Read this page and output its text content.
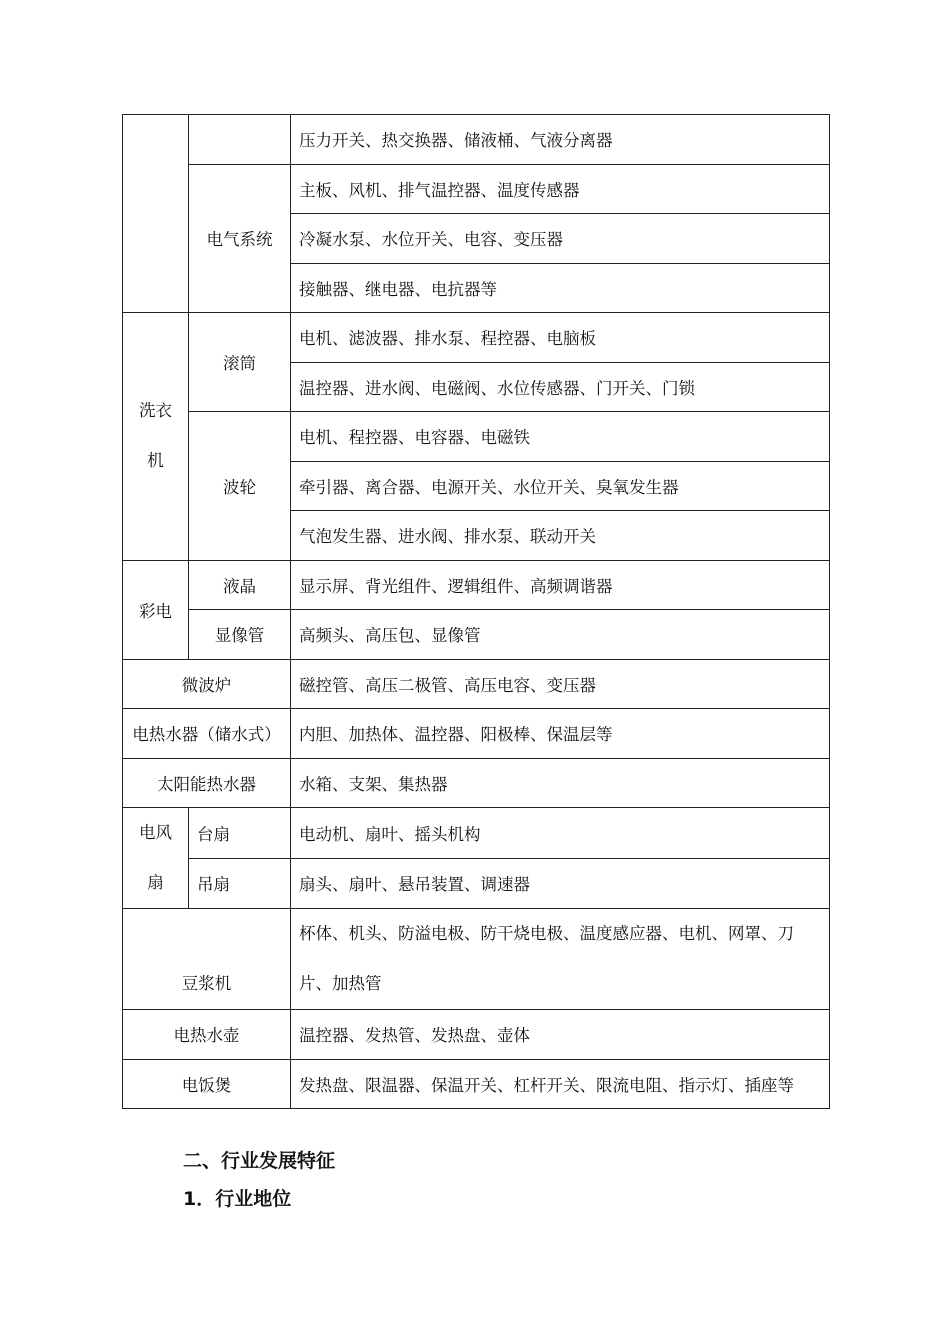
		压力开关、热交换器、储液桶、气液分离器
	电气系统	主板、风机、排气温控器、温度传感器
		冷凝水泵、水位开关、电容、变压器
		接触器、继电器、电抗器等
洗衣机	滚筒	电机、滤波器、排水泵、程控器、电脑板
		温控器、进水阀、电磁阀、水位传感器、门开关、门锁
	波轮	电机、程控器、电容器、电磁铁
		牵引器、离合器、电源开关、水位开关、臭氧发生器
		气泡发生器、进水阀、排水泵、联动开关
彩电	液晶	显示屏、背光组件、逻辑组件、高频调谐器
	显像管	高频头、高压包、显像管
微波炉		磁控管、高压二极管、高压电容、变压器
电热水器（储水式）		内胆、加热体、温控器、阳极棒、保温层等
太阳能热水器		水箱、支架、集热器
电风扇	台扇	电动机、扇叶、摇头机构
	吊扇	扇头、扇叶、悬吊装置、调速器
豆浆机		杯体、机头、防溢电极、防干烧电极、温度感应器、电机、网罩、刀片、加热管
电热水壶		温控器、发热管、发热盘、壶体
电饭煲		发热盘、限温器、保温开关、杠杆开关、限流电阻、指示灯、插座等
二、行业发展特征
1．行业地位
